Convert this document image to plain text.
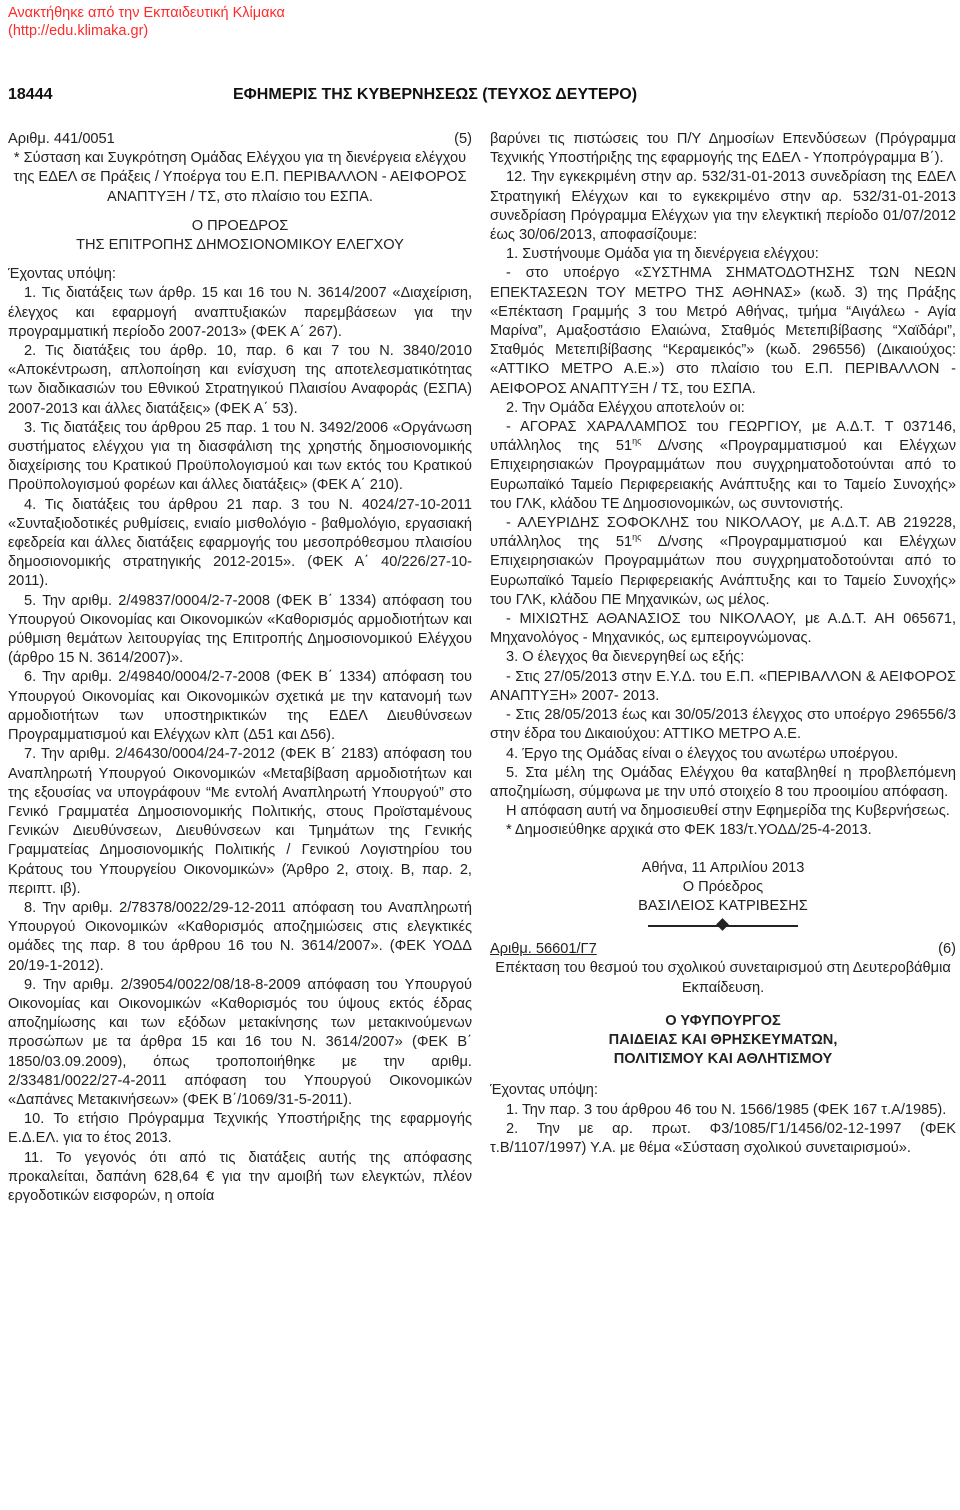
Ανακτήθηκε από την Εκπαιδευτική Κλίμακα
(http://edu.klimaka.gr)
18444	ΕΦΗΜΕΡΙΣ ΤΗΣ ΚΥΒΕΡΝΗΣΕΩΣ (ΤΕΥΧΟΣ ΔΕΥΤΕΡΟ)

Αριθμ. 441/0051	(5)

* Σύσταση και Συγκρότηση Ομάδας Ελέγχου για τη διενέργεια ελέγχου της ΕΔΕΛ σε Πράξεις / Υποέργα του Ε.Π. ΠΕΡΙΒΑΛΛΟΝ - ΑΕΙΦΟΡΟΣ ΑΝΑΠΤΥΞΗ / ΤΣ, στο πλαίσιο του ΕΣΠΑ.

Ο ΠΡΟΕΔΡΟΣ

ΤΗΣ ΕΠΙΤΡΟΠΗΣ ΔΗΜΟΣΙΟΝΟΜΙΚΟΥ ΕΛΕΓΧΟΥ

Έχοντας υπόψη:

1. Τις διατάξεις των άρθρ. 15 και 16 του Ν. 3614/2007 «Διαχείριση, έλεγχος και εφαρμογή αναπτυξιακών παρεμβάσεων για την προγραμματική περίοδο 2007-2013» (ΦΕΚ Α΄ 267).

2. Τις διατάξεις του άρθρ. 10, παρ. 6 και 7 του Ν. 3840/2010 «Αποκέντρωση, απλοποίηση και ενίσχυση της αποτελεσματικότητας των διαδικασιών του Εθνικού Στρατηγικού Πλαισίου Αναφοράς (ΕΣΠΑ) 2007-2013 και άλλες διατάξεις» (ΦΕΚ Α΄ 53).

3. Τις διατάξεις του άρθρου 25 παρ. 1 του Ν. 3492/2006 «Οργάνωση συστήματος ελέγχου για τη διασφάλιση της χρηστής δημοσιονομικής διαχείρισης του Κρατικού Προϋπολογισμού και των εκτός του Κρατικού Προϋπολογισμού φορέων και άλλες διατάξεις» (ΦΕΚ Α΄ 210).

4. Τις διατάξεις του άρθρου 21 παρ. 3 του Ν. 4024/27-10-2011 «Συνταξιοδοτικές ρυθμίσεις, ενιαίο μισθολόγιο - βαθμολόγιο, εργασιακή εφεδρεία και άλλες διατάξεις εφαρμογής του μεσοπρόθεσμου πλαισίου δημοσιονομικής στρατηγικής 2012-2015». (ΦΕΚ Α΄ 40/226/27-10-2011).

5. Την αριθμ. 2/49837/0004/2-7-2008 (ΦΕΚ Β΄ 1334) απόφαση του Υπουργού Οικονομίας και Οικονομικών «Καθορισμός αρμοδιοτήτων και ρύθμιση θεμάτων λειτουργίας της Επιτροπής Δημοσιονομικού Ελέγχου (άρθρο 15 Ν. 3614/2007)».

6. Την αριθμ. 2/49840/0004/2-7-2008 (ΦΕΚ Β΄ 1334) απόφαση του Υπουργού Οικονομίας και Οικονομικών σχετικά με την κατανομή των αρμοδιοτήτων των υποστηρικτικών της ΕΔΕΛ Διευθύνσεων Προγραμματισμού και Ελέγχων κλπ (Δ51 και Δ56).

7. Την αριθμ. 2/46430/0004/24-7-2012 (ΦΕΚ Β΄ 2183) απόφαση του Αναπληρωτή Υπουργού Οικονομικών «Μεταβίβαση αρμοδιοτήτων και της εξουσίας να υπογράφουν “Με εντολή Αναπληρωτή Υπουργού” στο Γενικό Γραμματέα Δημοσιονομικής Πολιτικής, στους Προϊσταμένους Γενικών Διευθύνσεων, Διευθύνσεων και Τμημάτων της Γενικής Γραμματείας Δημοσιονομικής Πολιτικής / Γενικού Λογιστηρίου του Κράτους του Υπουργείου Οικονομικών» (Άρθρο 2, στοιχ. Β, παρ. 2, περιπτ. ιβ).

8. Την αριθμ. 2/78378/0022/29-12-2011 απόφαση του Αναπληρωτή Υπουργού Οικονομικών «Καθορισμός αποζημιώσεις στις ελεγκτικές ομάδες της παρ. 8 του άρθρου 16 του Ν. 3614/2007». (ΦΕΚ ΥΟΔΔ 20/19-1-2012).

9. Την αριθμ. 2/39054/0022/08/18-8-2009 απόφαση του Υπουργού Οικονομίας και Οικονομικών «Καθορισμός του ύψους εκτός έδρας αποζημίωσης και των εξόδων μετακίνησης των μετακινούμενων προσώπων με τα άρθρα 15 και 16 του Ν. 3614/2007» (ΦΕΚ Β΄ 1850/03.09.2009), όπως τροποποιήθηκε με την αριθμ. 2/33481/0022/27-4-2011 απόφαση του Υπουργού Οικονομικών «Δαπάνες Μετακινήσεων» (ΦΕΚ Β΄/1069/31-5-2011).

10. Το ετήσιο Πρόγραμμα Τεχνικής Υποστήριξης της εφαρμογής Ε.Δ.ΕΛ. για το έτος 2013.

11. Το γεγονός ότι από τις διατάξεις αυτής της απόφασης προκαλείται, δαπάνη 628,64 € για την αμοιβή των ελεγκτών, πλέον εργοδοτικών εισφορών, η οποία

βαρύνει τις πιστώσεις του Π/Υ Δημοσίων Επενδύσεων (Πρόγραμμα Τεχνικής Υποστήριξης της εφαρμογής της ΕΔΕΛ - Υποπρόγραμμα Β΄).

12. Την εγκεκριμένη στην αρ. 532/31-01-2013 συνεδρίαση της ΕΔΕΛ Στρατηγική Ελέγχων και το εγκεκριμένο στην αρ. 532/31-01-2013 συνεδρίαση Πρόγραμμα Ελέγχων για την ελεγκτική περίοδο 01/07/2012 έως 30/06/2013, αποφασίζουμε:

1. Συστήνουμε Ομάδα για τη διενέργεια ελέγχου:

- στο υποέργο «ΣΥΣΤΗΜΑ ΣΗΜΑΤΟΔΟΤΗΣΗΣ ΤΩΝ ΝΕΩΝ ΕΠΕΚΤΑΣΕΩΝ ΤΟΥ ΜΕΤΡΟ ΤΗΣ ΑΘΗΝΑΣ» (κωδ. 3) της Πράξης «Επέκταση Γραμμής 3 του Μετρό Αθήνας, τμήμα “Αιγάλεω - Αγία Μαρίνα”, Αμαξοστάσιο Ελαιώνα, Σταθμός Μετεπιβίβασης “Χαϊδάρι”, Σταθμός Μετεπιβίβασης “Κεραμεικός”» (κωδ. 296556) (Δικαιούχος: «ΑΤΤΙΚΟ ΜΕΤΡΟ Α.Ε.») στο πλαίσιο του Ε.Π. ΠΕΡΙΒΑΛΛΟΝ - ΑΕΙΦΟΡΟΣ ΑΝΑΠΤΥΞΗ / ΤΣ, του ΕΣΠΑ.

2. Την Ομάδα Ελέγχου αποτελούν οι:

- ΑΓΟΡΑΣ ΧΑΡΑΛΑΜΠΟΣ του ΓΕΩΡΓΙΟΥ, με Α.Δ.Τ. Τ 037146, υπάλληλος της $51^{\eta\varsigma}$ Δ/νσης «Προγραμματισμού και Ελέγχων Επιχειρησιακών Προγραμμάτων που συγχρηματοδοτούνται από το Ευρωπαϊκό Ταμείο Περιφερειακής Ανάπτυξης και το Ταμείο Συνοχής» του ΓΛΚ, κλάδου ΤΕ Δημοσιονομικών, ως συντονιστής.

- ΑΛΕΥΡΙΔΗΣ ΣΟΦΟΚΛΗΣ του ΝΙΚΟΛΑΟΥ, με Α.Δ.Τ. ΑΒ 219228, υπάλληλος της $51^{\eta\varsigma}$ Δ/νσης «Προγραμματισμού και Ελέγχων Επιχειρησιακών Προγραμμάτων που συγχρηματοδοτούνται από το Ευρωπαϊκό Ταμείο Περιφερειακής Ανάπτυξης και το Ταμείο Συνοχής» του ΓΛΚ, κλάδου ΠΕ Μηχανικών, ως μέλος.

- ΜΙΧΙΩΤΗΣ ΑΘΑΝΑΣΙΟΣ του ΝΙΚΟΛΑΟΥ, με Α.Δ.Τ. ΑΗ 065671, Μηχανολόγος - Μηχανικός, ως εμπειρογνώμονας.

3. Ο έλεγχος θα διενεργηθεί ως εξής:

- Στις 27/05/2013 στην Ε.Υ.Δ. του Ε.Π. «ΠΕΡΙΒΑΛΛΟΝ & ΑΕΙΦΟΡΟΣ ΑΝΑΠΤΥΞΗ» 2007- 2013.

- Στις 28/05/2013 έως και 30/05/2013 έλεγχος στο υποέργο 296556/3 στην έδρα του Δικαιούχου: ΑΤΤΙΚΟ ΜΕΤΡΟ Α.Ε.

4. Έργο της Ομάδας είναι ο έλεγχος του ανωτέρω υποέργου.

5. Στα μέλη της Ομάδας Ελέγχου θα καταβληθεί η προβλεπόμενη αποζημίωση, σύμφωνα με την υπό στοιχείο 8 του προοιμίου απόφαση.

Η απόφαση αυτή να δημοσιευθεί στην Εφημερίδα της Κυβερνήσεως.

* Δημοσιεύθηκε αρχικά στο ΦΕΚ 183/τ.ΥΟΔΔ/25-4-2013.

Αθήνα, 11 Απριλίου 2013

Ο Πρόεδρος

ΒΑΣΙΛΕΙΟΣ ΚΑΤΡΙΒΕΣΗΣ

Αριθμ. 56601/Γ7	(6)

Επέκταση του θεσμού του σχολικού συνεταιρισμού στη Δευτεροβάθμια Εκπαίδευση.

Ο ΥΦΥΠΟΥΡΓΟΣ

ΠΑΙΔΕΙΑΣ ΚΑΙ ΘΡΗΣΚΕΥΜΑΤΩΝ,

ΠΟΛΙΤΙΣΜΟΥ ΚΑΙ ΑΘΛΗΤΙΣΜΟΥ

Έχοντας υπόψη:

1. Την παρ. 3 του άρθρου 46 του Ν. 1566/1985 (ΦΕΚ 167 τ.Α/1985).

2. Την με αρ. πρωτ. Φ3/1085/Γ1/1456/02-12-1997 (ΦΕΚ τ.Β/1107/1997) Υ.Α. με θέμα «Σύσταση σχολικού συνεταιρισμού».
